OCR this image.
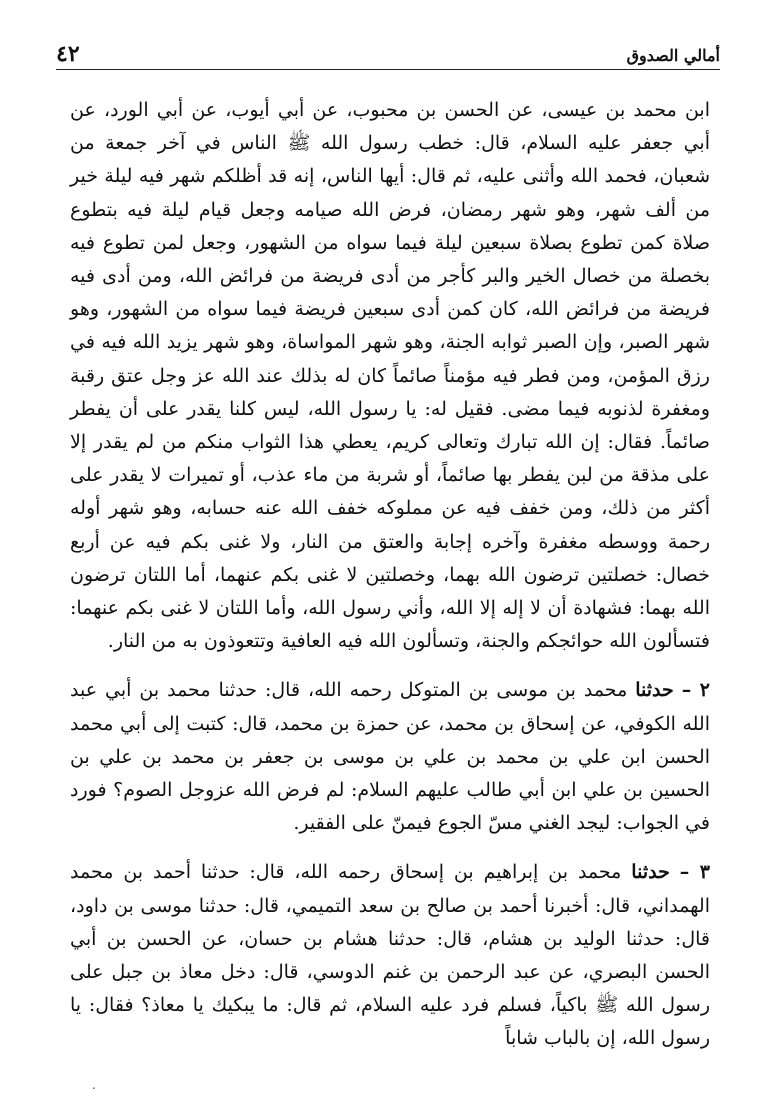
أمالي الصدوق
٤٢

ابن محمد بن عيسى، عن الحسن بن محبوب، عن أبي أيوب، عن أبي الورد، عن أبي جعفر عليه السلام، قال: خطب رسول الله ﷺ الناس في آخر جمعة من شعبان، فحمد الله وأثنى عليه، ثم قال: أيها الناس، إنه قد أظلكم شهر فيه ليلة خير من ألف شهر، وهو شهر رمضان، فرض الله صيامه وجعل قيام ليلة فيه بتطوع صلاة كمن تطوع بصلاة سبعين ليلة فيما سواه من الشهور، وجعل لمن تطوع فيه بخصلة من خصال الخير والبر كأجر من أدى فريضة من فرائض الله، ومن أدى فيه فريضة من فرائض الله، كان كمن أدى سبعين فريضة فيما سواه من الشهور، وهو شهر الصبر، وإن الصبر ثوابه الجنة، وهو شهر المواساة، وهو شهر يزيد الله فيه في رزق المؤمن، ومن فطر فيه مؤمناً صائماً كان له بذلك عند الله عز وجل عتق رقبة ومغفرة لذنوبه فيما مضى. فقيل له: يا رسول الله، ليس كلنا يقدر على أن يفطر صائماً. فقال: إن الله تبارك وتعالى كريم، يعطي هذا الثواب منكم من لم يقدر إلا على مذقة من لبن يفطر بها صائماً، أو شربة من ماء عذب، أو تميرات لا يقدر على أكثر من ذلك، ومن خفف فيه عن مملوكه خفف الله عنه حسابه، وهو شهر أوله رحمة ووسطه مغفرة وآخره إجابة والعتق من النار، ولا غنى بكم فيه عن أربع خصال: خصلتين ترضون الله بهما، وخصلتين لا غنى بكم عنهما، أما اللتان ترضون الله بهما: فشهادة أن لا إله إلا الله، وأني رسول الله، وأما اللتان لا غنى بكم عنهما: فتسألون الله حوائجكم والجنة، وتسألون الله فيه العافية وتتعوذون به من النار.

٢ – حدثنا محمد بن موسى بن المتوكل رحمه الله، قال: حدثنا محمد بن أبي عبد الله الكوفي، عن إسحاق بن محمد، عن حمزة بن محمد، قال: كتبت إلى أبي محمد الحسن ابن علي بن محمد بن علي بن موسى بن جعفر بن محمد بن علي بن الحسين بن علي ابن أبي طالب عليهم السلام: لم فرض الله عزوجل الصوم؟ فورد في الجواب: ليجد الغني مسّ الجوع فيمنّ على الفقير.

٣ – حدثنا محمد بن إبراهيم بن إسحاق رحمه الله، قال: حدثنا أحمد بن محمد الهمداني، قال: أخبرنا أحمد بن صالح بن سعد التميمي، قال: حدثنا موسى بن داود، قال: حدثنا الوليد بن هشام، قال: حدثنا هشام بن حسان، عن الحسن بن أبي الحسن البصري، عن عبد الرحمن بن غنم الدوسي، قال: دخل معاذ بن جبل على رسول الله ﷺ باكياً، فسلم فرد عليه السلام، ثم قال: ما يبكيك يا معاذ؟ فقال: يا رسول الله، إن بالباب شاباً

.
